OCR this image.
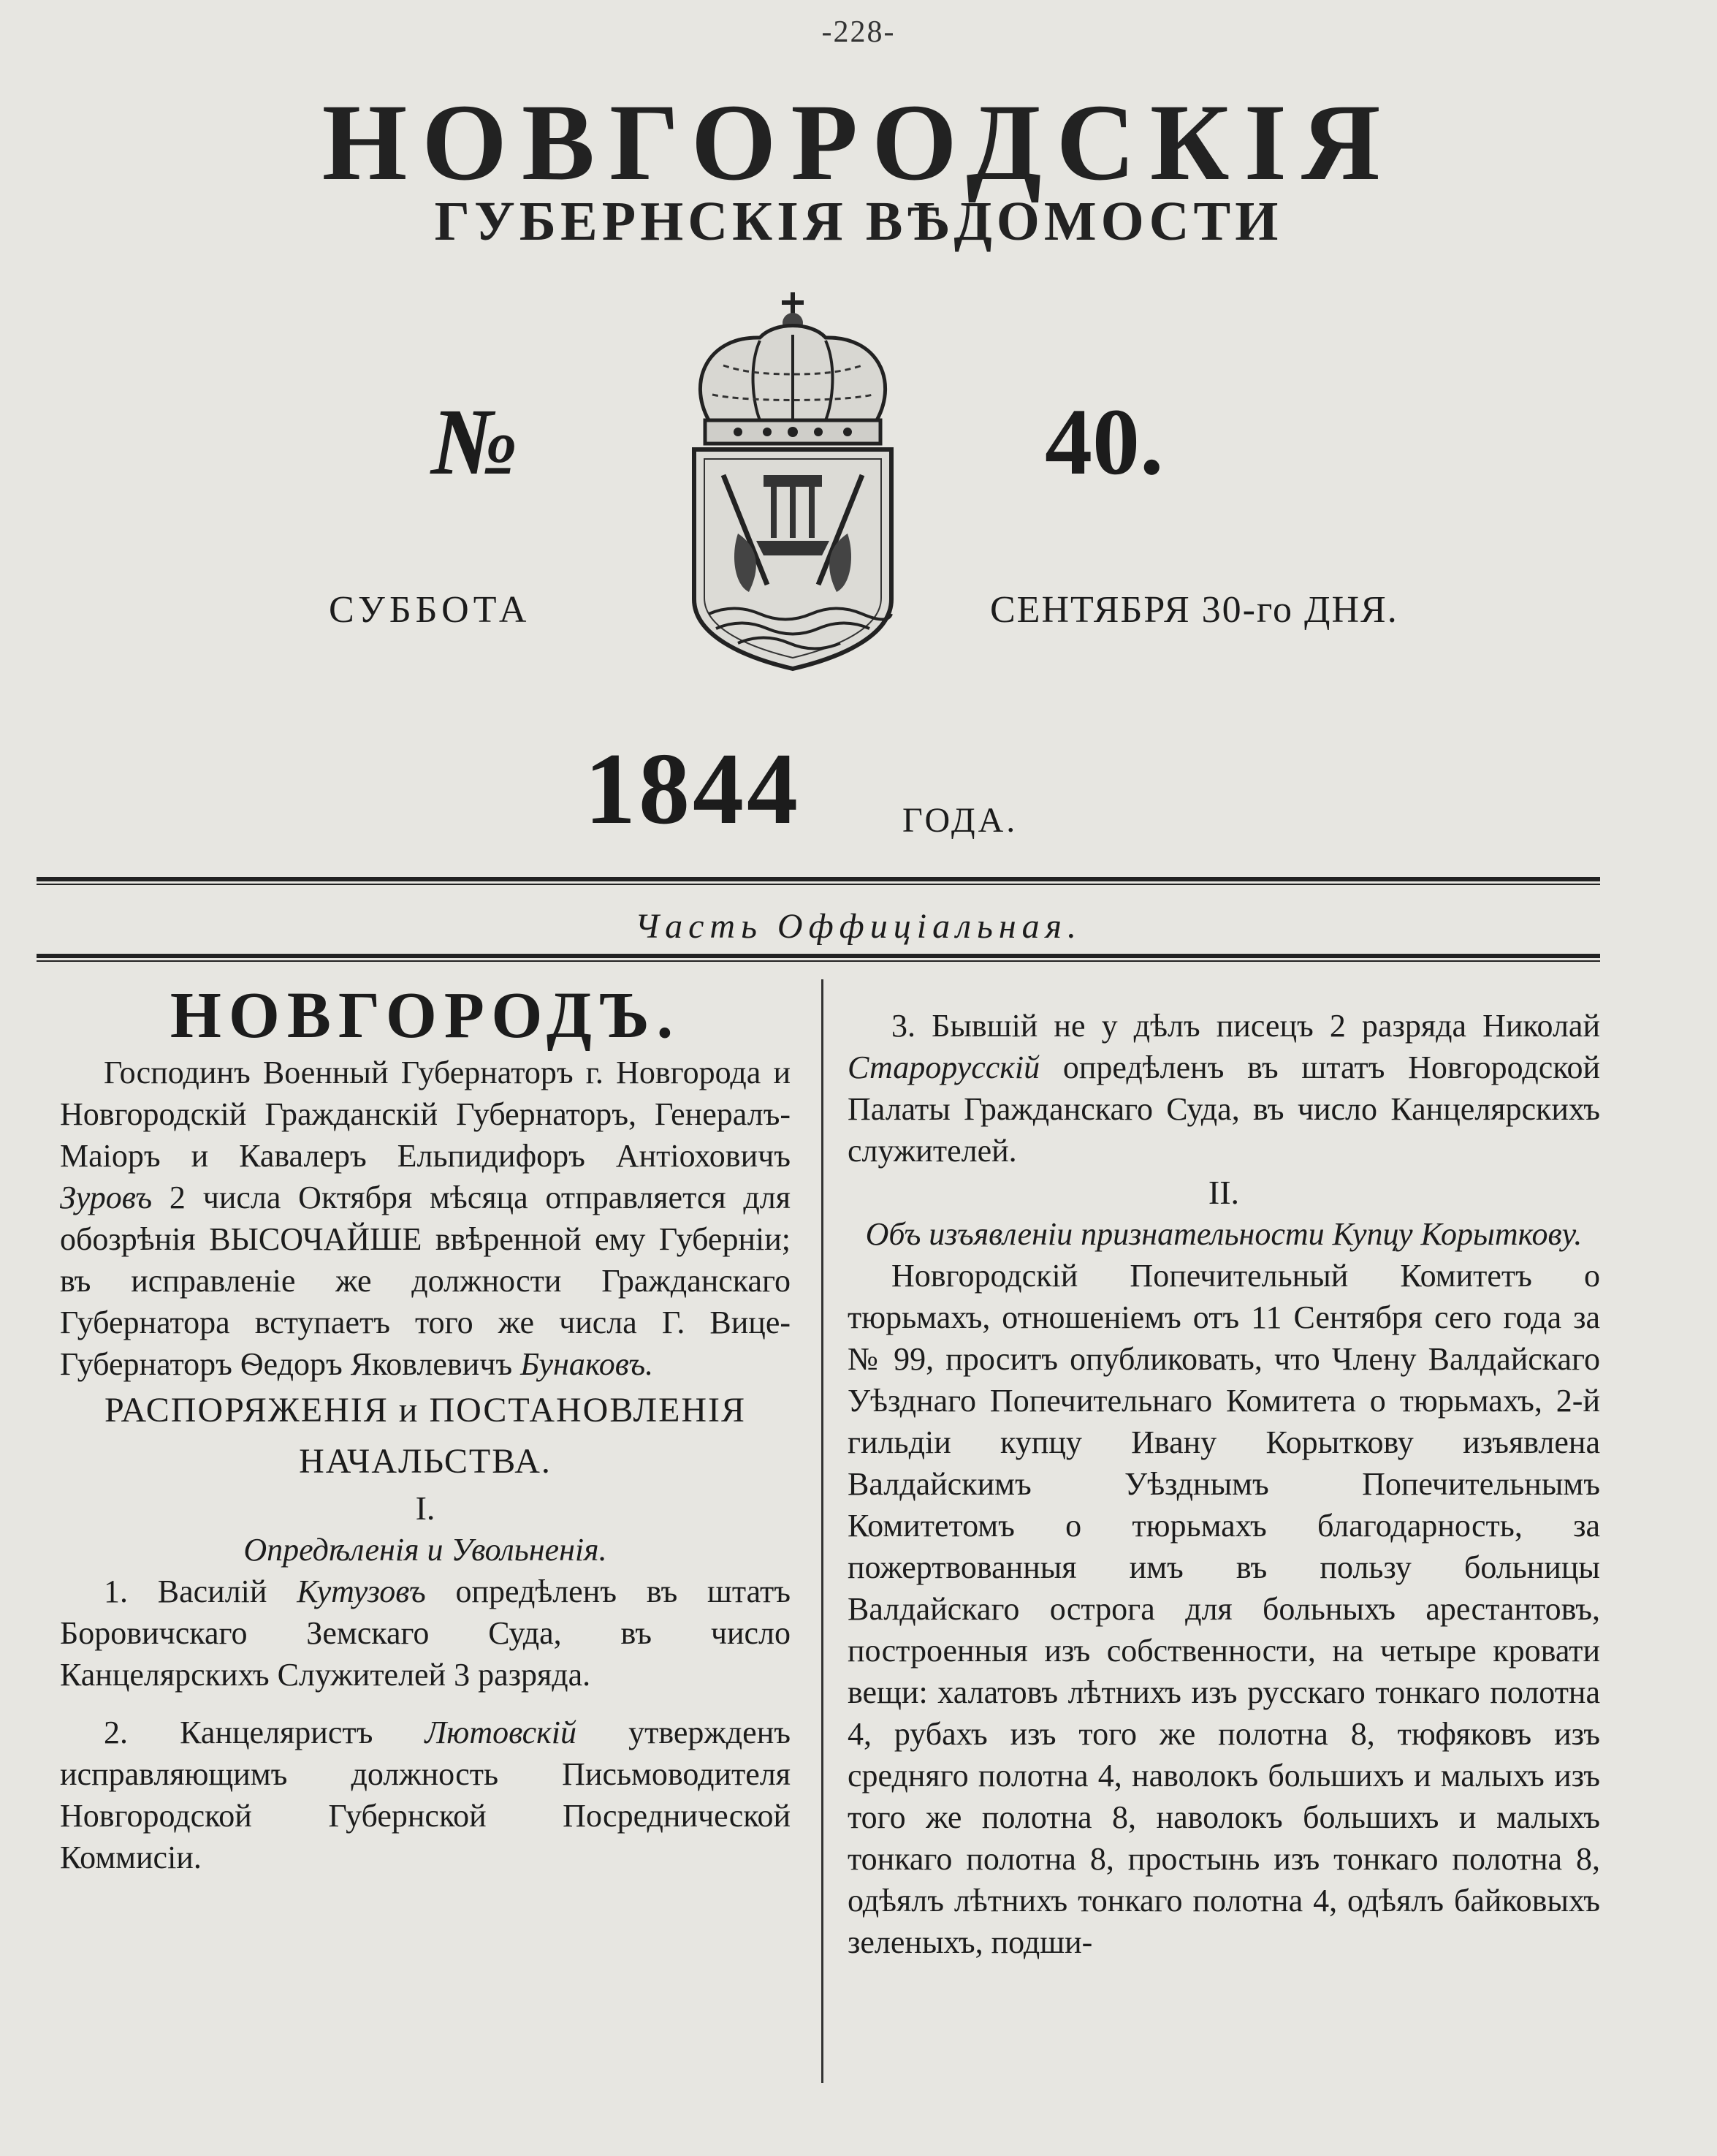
-228-
НОВГОРОДСКІЯ
ГУБЕРНСКІЯ ВѢДОМОСТИ
№	40.
СУББОТА	СЕНТЯБРЯ 30-го ДНЯ.
1844	ГОДА.
Часть Оффиціальная.

НОВГОРОДЪ.

Господинъ Военный Губернаторъ г. Новгорода и Новгородскій Гражданскій Губернаторъ, Генералъ-Маіоръ и Кавалеръ Ельпидифоръ Антіоховичъ Зуровъ 2 числа Октября мѣсяца отправляется для обозрѣнія ВЫСОЧАЙШЕ ввѣренной ему Губерніи; въ исправленіе же должности Гражданскаго Губернатора вступаетъ того же числа Г. Вице-Губернаторъ Ѳедоръ Яковлевичъ Бунаковъ.

РАСПОРЯЖЕНІЯ и ПОСТАНОВЛЕНІЯ НАЧАЛЬСТВА.

I.

Опредѣленія и Увольненія.

1. Василій Кутузовъ опредѣленъ въ штатъ Боровичскаго Земскаго Суда, въ число Канцелярскихъ Служителей 3 разряда.

2. Канцеляристъ Лютовскій утвержденъ исправляющимъ должность Письмоводителя Новгородской Губернской Посреднической Коммисіи.

3. Бывшій не у дѣлъ писецъ 2 разряда Николай Старорусскій опредѣленъ въ штатъ Новгородской Палаты Гражданскаго Суда, въ число Канцелярскихъ служителей.

II.

Объ изъявленіи признательности Купцу Корыткову.

Новгородскій Попечительный Комитетъ о тюрьмахъ, отношеніемъ отъ 11 Сентября сего года за № 99, проситъ опубликовать, что Члену Валдайскаго Уѣзднаго Попечительнаго Комитета о тюрьмахъ, 2-й гильдіи купцу Ивану Корыткову изъявлена Валдайскимъ Уѣзднымъ Попечительнымъ Комитетомъ о тюрьмахъ благодарность, за пожертвованныя имъ въ пользу больницы Валдайскаго острога для больныхъ арестантовъ, построенныя изъ собственности, на четыре кровати вещи: халатовъ лѣтнихъ изъ русскаго тонкаго полотна 4, рубахъ изъ того же полотна 8, тюфяковъ изъ средняго полотна 4, наволокъ большихъ и малыхъ изъ того же полотна 8, наволокъ большихъ и малыхъ тонкаго полотна 8, простынь изъ тонкаго полотна 8, одѣялъ лѣтнихъ тонкаго полотна 4, одѣялъ байковыхъ зеленыхъ, подши-
